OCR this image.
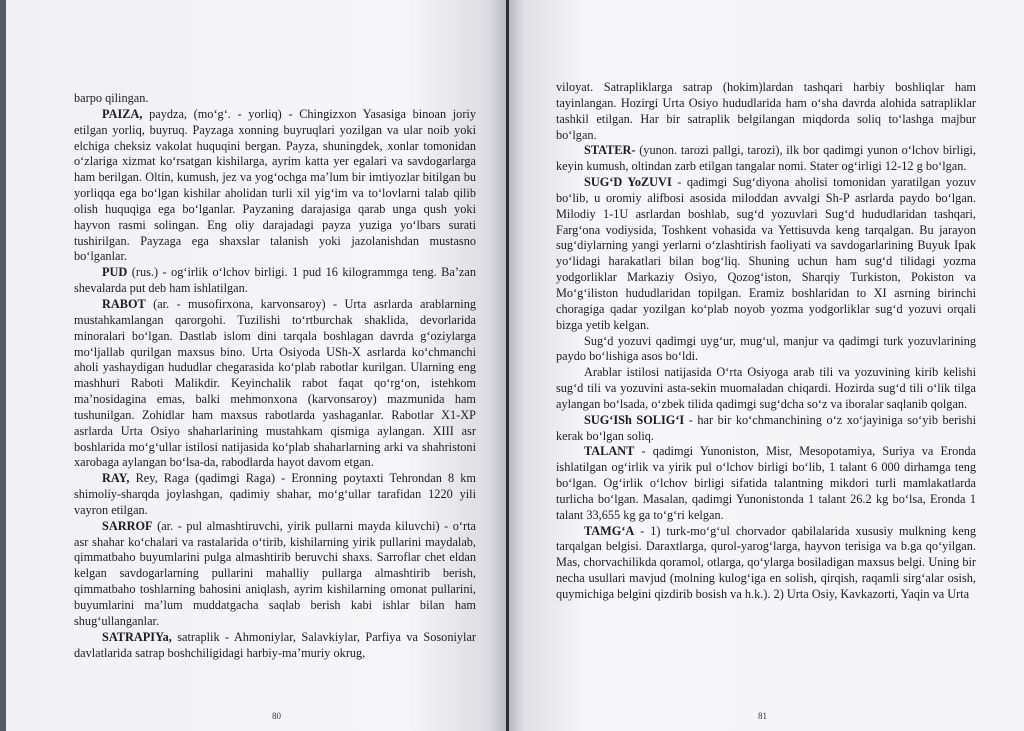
barpo qilingan.

PAIZA, paydza, (mo‘g‘. - yorliq) - Chingizxon Yasasiga binoan joriy etilgan yorliq, buyruq. Payzaga xonning buyruqlari yozilgan va ular noib yoki elchiga cheksiz vakolat huquqini bergan. Payza, shuningdek, xonlar tomonidan o‘zlariga xizmat ko‘rsatgan kishilarga, ayrim katta yer egalari va savdogarlarga ham berilgan. Oltin, kumush, jez va yog‘ochga ma’lum bir imtiyozlar bitilgan bu yorliqqa ega bo‘lgan kishilar aholidan turli xil yig‘im va to‘lovlarni talab qilib olish huquqiga ega bo‘lganlar. Payzaning darajasiga qarab unga qush yoki hayvon rasmi solingan. Eng oliy darajadagi payza yuziga yo‘lbars surati tushirilgan. Payzaga ega shaxslar talanish yoki jazolanishdan mustasno bo‘lganlar.

PUD (rus.) - og‘irlik o‘lchov birligi. 1 pud 16 kilogrammga teng. Ba’zan shevalarda put deb ham ishlatilgan.

RABOT (ar. - musofirxona, karvonsaroy) - Urta asrlarda arablarning mustahkamlangan qarorgohi. Tuzilishi to‘rtburchak shaklida, devorlarida minoralari bo‘lgan. Dastlab islom dini tarqala boshlagan davrda g‘oziylarga mo‘ljallab qurilgan maxsus bino. Urta Osiyoda USh-X asrlarda ko‘chmanchi aholi yashaydigan hududlar chegarasida ko‘plab rabotlar kurilgan. Ularning eng mashhuri Raboti Malikdir. Keyinchalik rabot faqat qo‘rg‘on, istehkom ma’nosidagina emas, balki mehmonxona (karvonsaroy) mazmunida ham tushunilgan. Zohidlar ham maxsus rabotlarda yashaganlar. Rabotlar X1-XP asrlarda Urta Osiyo shaharlarining mustahkam qismiga aylangan. XIII asr boshlarida mo‘g‘ullar istilosi natijasida ko‘plab shaharlarning arki va shahristoni xarobaga aylangan bo‘lsa-da, rabodlarda hayot davom etgan.

RAY, Rey, Raga (qadimgi Raga) - Eronning poytaxti Tehrondan 8 km shimoliy-sharqda joylashgan, qadimiy shahar, mo‘g‘ullar tarafidan 1220 yili vayron etilgan.

SARROF (ar. - pul almashtiruvchi, yirik pullarni mayda kiluvchi) - o‘rta asr shahar ko‘chalari va rastalarida o‘tirib, kishilarning yirik pullarini maydalab, qimmatbaho buyumlarini pulga almashtirib beruvchi shaxs. Sarroflar chet eldan kelgan savdogarlarning pullarini mahalliy pullarga almashtirib berish, qimmatbaho toshlarning bahosini aniqlash, ayrim kishilarning omonat pullarini, buyumlarini ma’lum muddatgacha saqlab berish kabi ishlar bilan ham shug‘ullanganlar.

SATRAPIYa, satraplik - Ahmoniylar, Salavkiylar, Parfiya va Sosoniylar davlatlarida satrap boshchiligidagi harbiy-ma’muriy okrug,

80

viloyat. Satrapliklarga satrap (hokim)lardan tashqari harbiy boshliqlar ham tayinlangan. Hozirgi Urta Osiyo hududlarida ham o‘sha davrda alohida satrapliklar tashkil etilgan. Har bir satraplik belgilangan miqdorda soliq to‘lashga majbur bo‘lgan.

STATER- (yunon. tarozi pallgi, tarozi), ilk bor qadimgi yunon o‘lchov birligi, keyin kumush, oltindan zarb etilgan tangalar nomi. Stater og‘irligi 12-12 g bo‘lgan.

SUG‘D YoZUVI - qadimgi Sug‘diyona aholisi tomonidan yaratilgan yozuv bo‘lib, u oromiy alifbosi asosida miloddan avvalgi Sh-P asrlarda paydo bo‘lgan. Milodiy 1-1U asrlardan boshlab, sug‘d yozuvlari Sug‘d hududlaridan tashqari, Farg‘ona vodiysida, Toshkent vohasida va Yettisuvda keng tarqalgan. Bu jarayon sug‘diylarning yangi yerlarni o‘zlashtirish faoliyati va savdogarlarining Buyuk Ipak yo‘lidagi harakatlari bilan bog‘liq. Shuning uchun ham sug‘d tilidagi yozma yodgorliklar Markaziy Osiyo, Qozog‘iston, Sharqiy Turkiston, Pokiston va Mo‘g‘iliston hududlaridan topilgan. Eramiz boshlaridan to XI asrning birinchi choragiga qadar yozilgan ko‘plab noyob yozma yodgorliklar sug‘d yozuvi orqali bizga yetib kelgan.

Sug‘d yozuvi qadimgi uyg‘ur, mug‘ul, manjur va qadimgi turk yozuvlarining paydo bo‘lishiga asos bo‘ldi.

Arablar istilosi natijasida O‘rta Osiyoga arab tili va yozuvining kirib kelishi sug‘d tili va yozuvini asta-sekin muomaladan chiqardi. Hozirda sug‘d tili o‘lik tilga aylangan bo‘lsada, o‘zbek tilida qadimgi sug‘dcha so‘z va iboralar saqlanib qolgan.

SUG‘ISh SOLIG‘I - har bir ko‘chmanchining o‘z xo‘jayiniga so‘yib berishi kerak bo‘lgan soliq.

TALANT - qadimgi Yunoniston, Misr, Mesopotamiya, Suriya va Eronda ishlatilgan og‘irlik va yirik pul o‘lchov birligi bo‘lib, 1 talant 6 000 dirhamga teng bo‘lgan. Og‘irlik o‘lchov birligi sifatida talantning mikdori turli mamlakatlarda turlicha bo‘lgan. Masalan, qadimgi Yunonistonda 1 talant 26.2 kg bo‘lsa, Eronda 1 talant 33,655 kg ga to‘g‘ri kelgan.

TAMG‘A - 1) turk-mo‘g‘ul chorvador qabilalarida xususiy mulkning keng tarqalgan belgisi. Daraxtlarga, qurol-yarog‘larga, hayvon terisiga va b.ga qo‘yilgan. Mas, chorvachilikda qoramol, otlarga, qo‘ylarga bosiladigan maxsus belgi. Uning bir necha usullari mavjud (molning kulog‘iga en solish, qirqish, raqamli sirg‘alar osish, quymichiga belgini qizdirib bosish va h.k.). 2) Urta Osiy, Kavkazorti, Yaqin va Urta

81
